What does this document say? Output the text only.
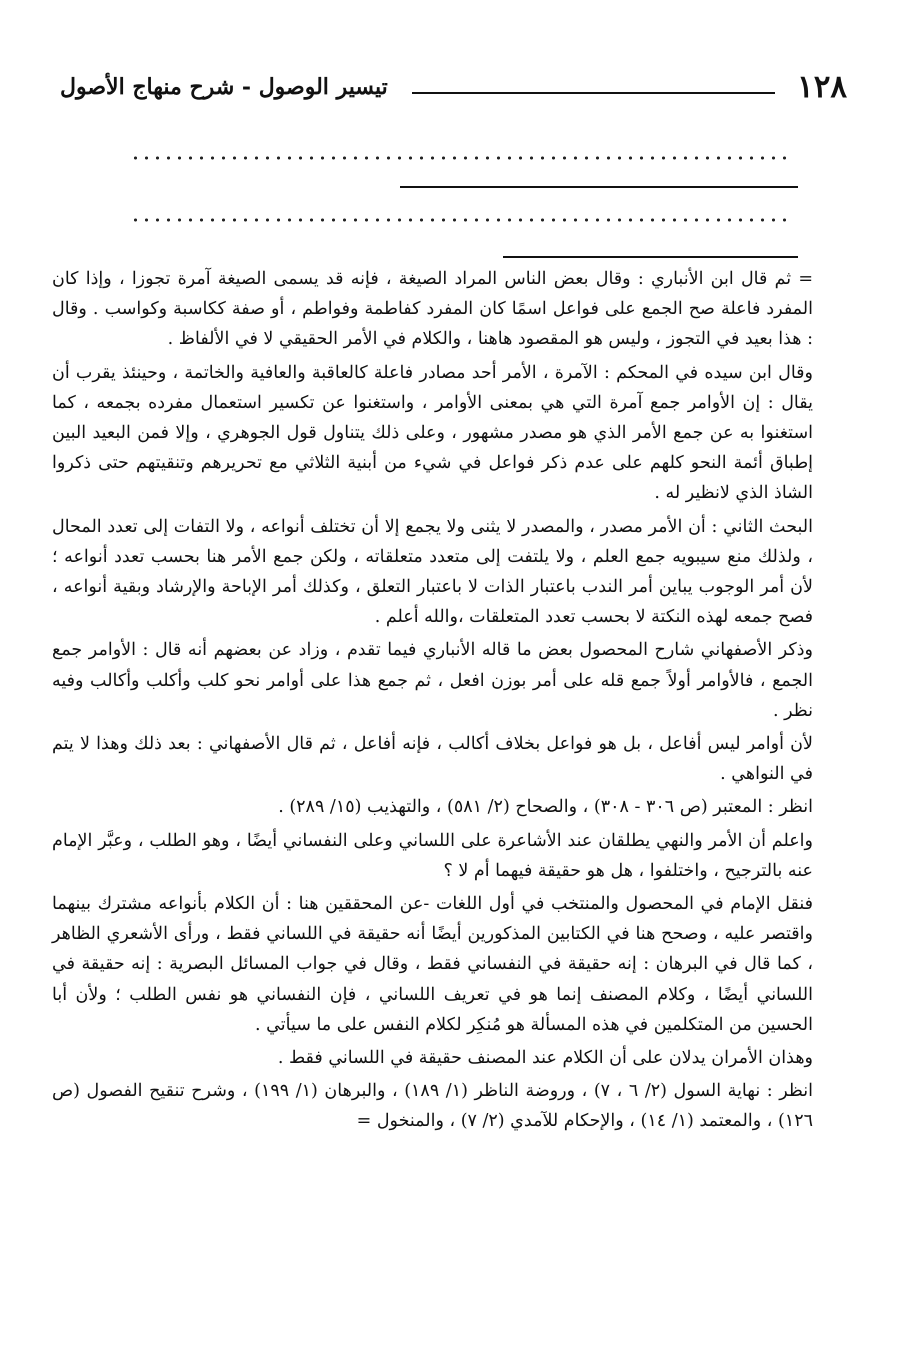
١٢٨
تيسير الوصول - شرح منهاج الأصول

= ثم قال ابن الأنباري : وقال بعض الناس المراد الصيغة ، فإنه قد يسمى الصيغة آمرة تجوزا ، وإذا كان المفرد فاعلة صح الجمع على فواعل اسمًا كان المفرد كفاطمة وفواطم ، أو صفة ككاسبة وكواسب . وقال : هذا بعيد في التجوز ، وليس هو المقصود هاهنا ، والكلام في الأمر الحقيقي لا في الألفاظ .

وقال ابن سيده في المحكم : الآمرة ، الأمر أحد مصادر فاعلة كالعاقبة والعافية والخاتمة ، وحينئذ يقرب أن يقال : إن الأوامر جمع آمرة التي هي بمعنى الأوامر ، واستغنوا عن تكسير استعمال مفرده بجمعه ، كما استغنوا به عن جمع الأمر الذي هو مصدر مشهور ، وعلى ذلك يتناول قول الجوهري ، وإلا فمن البعيد البين إطباق أئمة النحو كلهم على عدم ذكر فواعل في شيء من أبنية الثلاثي مع تحريرهم وتنقيتهم حتى ذكروا الشاذ الذي لانظير له .

البحث الثاني : أن الأمر مصدر ، والمصدر لا يثنى ولا يجمع إلا أن تختلف أنواعه ، ولا التفات إلى تعدد المحال ، ولذلك منع سيبويه جمع العلم ، ولا يلتفت إلى متعدد متعلقاته ، ولكن جمع الأمر هنا بحسب تعدد أنواعه ؛ لأن أمر الوجوب يباين أمر الندب باعتبار الذات لا باعتبار التعلق ، وكذلك أمر الإباحة والإرشاد وبقية أنواعه ، فصح جمعه لهذه النكتة لا بحسب تعدد المتعلقات ،والله أعلم .

وذكر الأصفهاني شارح المحصول بعض ما قاله الأنباري فيما تقدم ، وزاد عن بعضهم أنه قال : الأوامر جمع الجمع ، فالأوامر أولاً جمع قله على أمر بوزن افعل ، ثم جمع هذا على أوامر نحو كلب وأكلب وأكالب وفيه نظر .

لأن أوامر ليس أفاعل ، بل هو فواعل بخلاف أكالب ، فإنه أفاعل ، ثم قال الأصفهاني : بعد ذلك وهذا لا يتم في النواهي .

انظر : المعتبر (ص ٣٠٦ - ٣٠٨) ، والصحاح (٢/ ٥٨١) ، والتهذيب (١٥/ ٢٨٩) .

واعلم أن الأمر والنهي يطلقان عند الأشاعرة على اللساني وعلى النفساني أيضًا ، وهو الطلب ، وعبَّر الإمام عنه بالترجيح ، واختلفوا ، هل هو حقيقة فيهما أم لا ؟

فنقل الإمام في المحصول والمنتخب في أول اللغات -عن المحققين هنا : أن الكلام بأنواعه مشترك بينهما واقتصر عليه ، وصحح هنا في الكتابين المذكورين أيضًا أنه حقيقة في اللساني فقط ، ورأى الأشعري الظاهر ، كما قال في البرهان : إنه حقيقة في النفساني فقط ، وقال في جواب المسائل البصرية : إنه حقيقة في اللساني أيضًا ، وكلام المصنف إنما هو في تعريف اللساني ، فإن النفساني هو نفس الطلب ؛ ولأن أبا الحسين من المتكلمين في هذه المسألة هو مُنكِر لكلام النفس على ما سيأتي .

وهذان الأمران يدلان على أن الكلام عند المصنف حقيقة في اللساني فقط .

انظر : نهاية السول (٢/ ٦ ، ٧) ، وروضة الناظر (١/ ١٨٩) ، والبرهان (١/ ١٩٩) ، وشرح تنقيح الفصول (ص ١٢٦) ، والمعتمد (١/ ١٤) ، والإحكام للآمدي (٢/ ٧) ، والمنخول =
